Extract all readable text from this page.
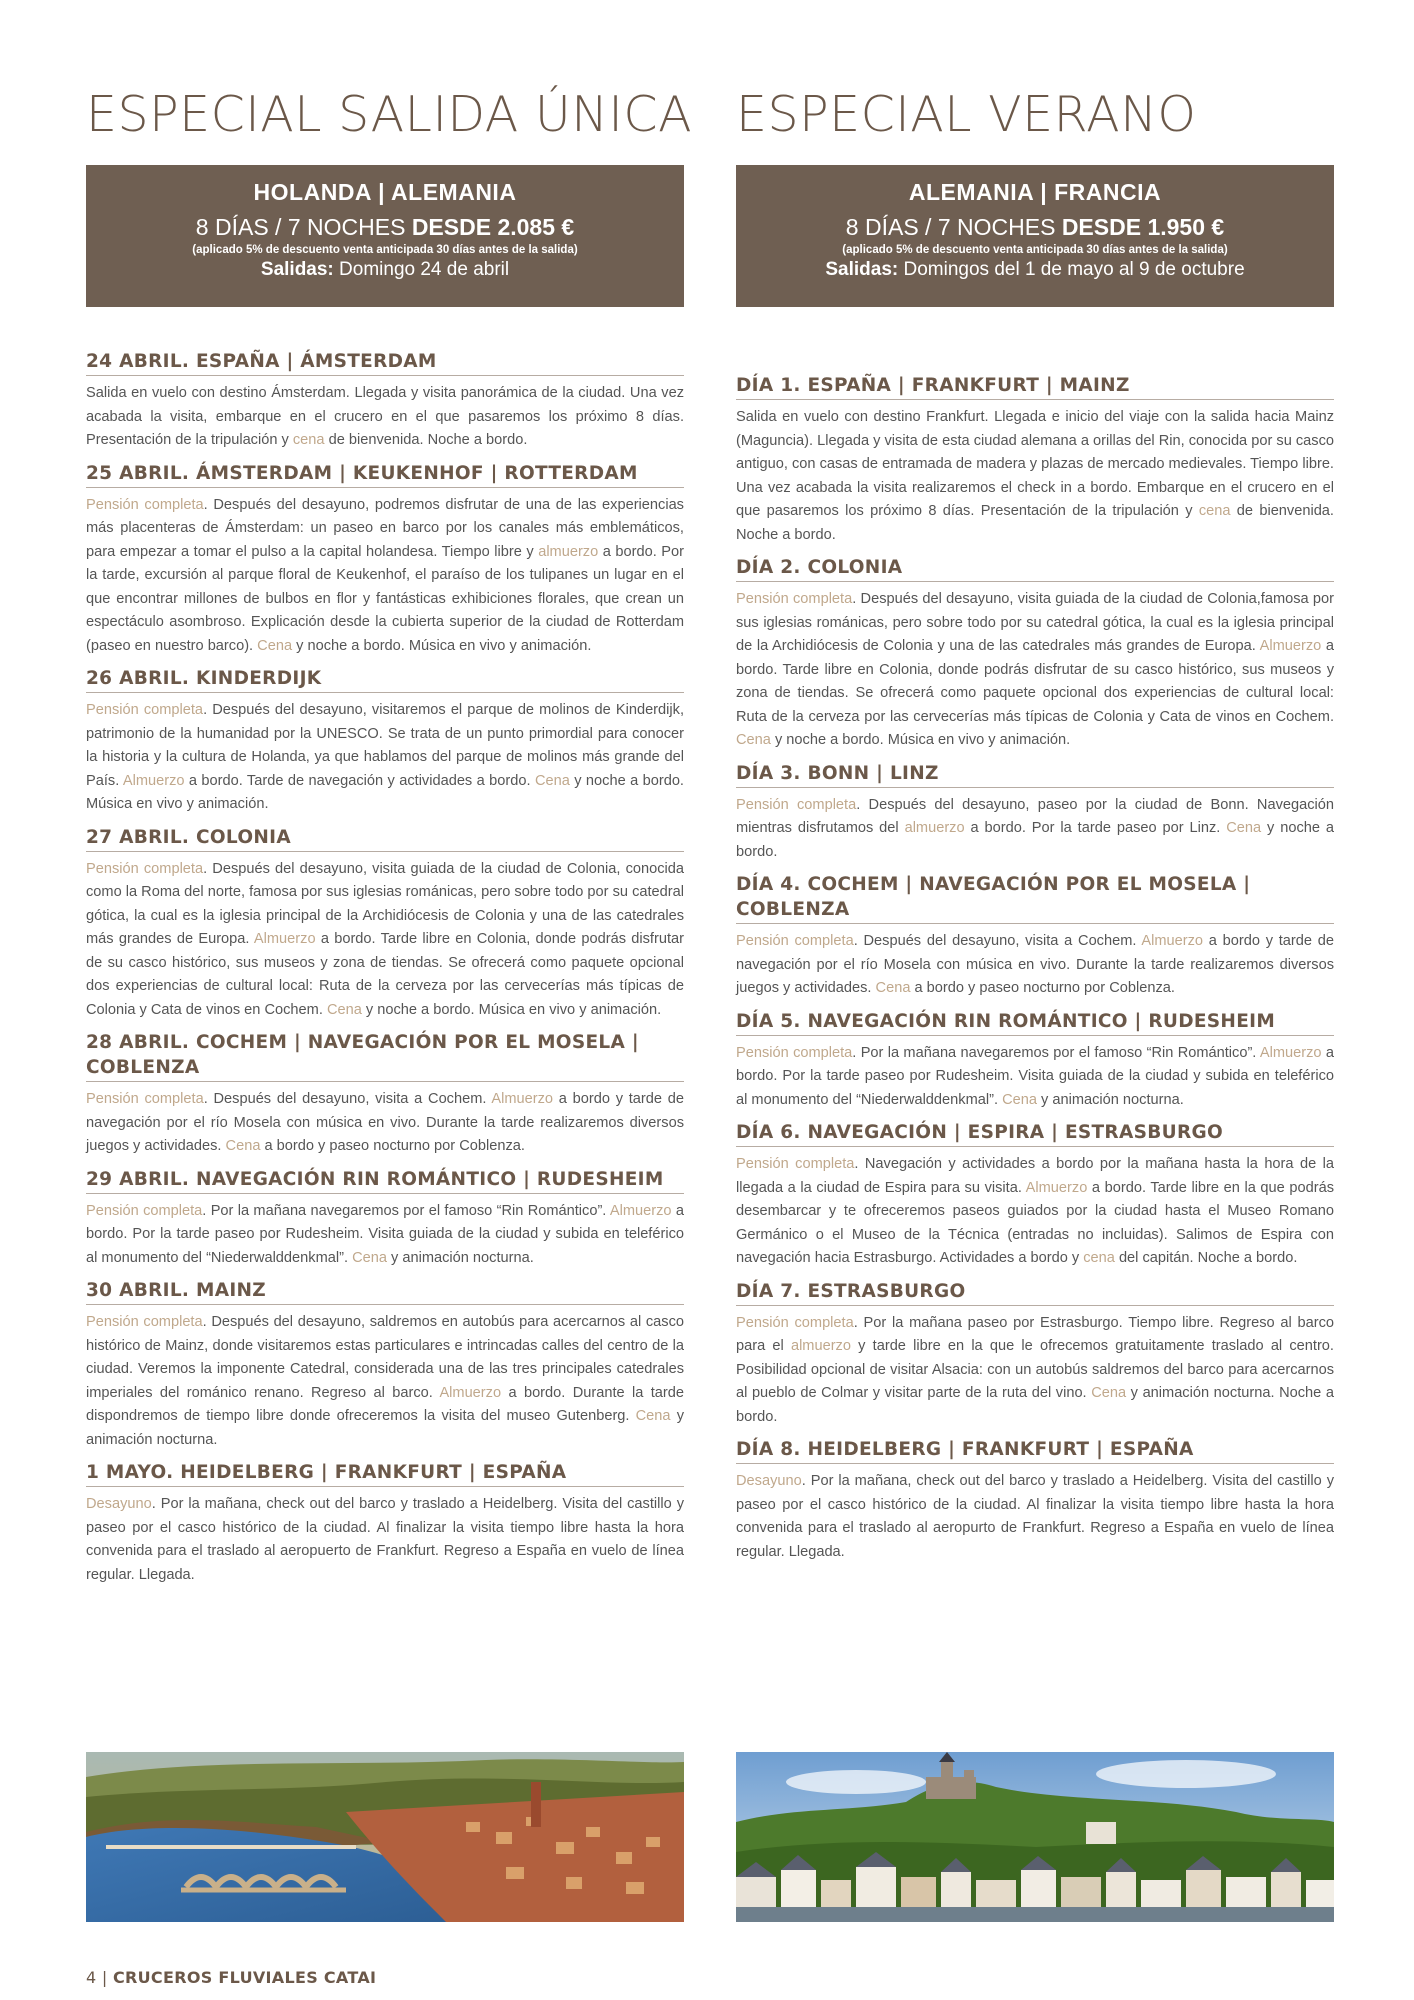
ESPECIAL SALIDA ÚNICA
HOLANDA | ALEMANIA
8 DÍAS / 7 NOCHES DESDE 2.085 €
(aplicado 5% de descuento venta anticipada 30 días antes de la salida)
Salidas: Domingo 24 de abril
24 ABRIL. ESPAÑA | ÁMSTERDAM

Salida en vuelo con destino Ámsterdam. Llegada y visita panorámica de la ciudad. Una vez acabada la visita, embarque en el crucero en el que pasaremos los próximo 8 días. Presentación de la tripulación y cena de bienvenida. Noche a bordo.

25 ABRIL. ÁMSTERDAM | KEUKENHOF | ROTTERDAM

Pensión completa. Después del desayuno, podremos disfrutar de una de las experiencias más placenteras de Ámsterdam: un paseo en barco por los canales más emblemáticos, para empezar a tomar el pulso a la capital holandesa. Tiempo libre y almuerzo a bordo. Por la tarde, excursión al parque floral de Keukenhof, el paraíso de los tulipanes un lugar en el que encontrar millones de bulbos en flor y fantásticas exhibiciones florales, que crean un espectáculo asombroso. Explicación desde la cubierta superior de la ciudad de Rotterdam (paseo en nuestro barco). Cena y noche a bordo. Música en vivo y animación.

26 ABRIL. KINDERDIJK

Pensión completa. Después del desayuno, visitaremos el parque de molinos de Kinderdijk, patrimonio de la humanidad por la UNESCO. Se trata de un punto primordial para conocer la historia y la cultura de Holanda, ya que hablamos del parque de molinos más grande del País. Almuerzo a bordo. Tarde de navegación y actividades a bordo. Cena y noche a bordo. Música en vivo y animación.

27 ABRIL. COLONIA

Pensión completa. Después del desayuno, visita guiada de la ciudad de Colonia, conocida como la Roma del norte, famosa por sus iglesias románicas, pero sobre todo por su catedral gótica, la cual es la iglesia principal de la Archidiócesis de Colonia y una de las catedrales más grandes de Europa. Almuerzo a bordo. Tarde libre en Colonia, donde podrás disfrutar de su casco histórico, sus museos y zona de tiendas. Se ofrecerá como paquete opcional dos experiencias de cultural local: Ruta de la cerveza por las cervecerías más típicas de Colonia y Cata de vinos en Cochem. Cena y noche a bordo. Música en vivo y animación.

28 ABRIL. COCHEM | NAVEGACIÓN POR EL MOSELA | COBLENZA

Pensión completa. Después del desayuno, visita a Cochem. Almuerzo a bordo y tarde de navegación por el río Mosela con música en vivo. Durante la tarde realizaremos diversos juegos y actividades. Cena a bordo y paseo nocturno por Coblenza.

29 ABRIL. NAVEGACIÓN RIN ROMÁNTICO | RUDESHEIM

Pensión completa. Por la mañana navegaremos por el famoso “Rin Romántico”. Almuerzo a bordo. Por la tarde paseo por Rudesheim. Visita guiada de la ciudad y subida en teleférico al monumento del “Niederwalddenkmal”. Cena y animación nocturna.

30 ABRIL. MAINZ

Pensión completa. Después del desayuno, saldremos en autobús para acercarnos al casco histórico de Mainz, donde visitaremos estas particulares e intrincadas calles del centro de la ciudad. Veremos la imponente Catedral, considerada una de las tres principales catedrales imperiales del románico renano. Regreso al barco. Almuerzo a bordo. Durante la tarde dispondremos de tiempo libre donde ofreceremos la visita del museo Gutenberg. Cena y animación nocturna.

1 MAYO. HEIDELBERG | FRANKFURT | ESPAÑA

Desayuno. Por la mañana, check out del barco y traslado a Heidelberg. Visita del castillo y paseo por el casco histórico de la ciudad. Al finalizar la visita tiempo libre hasta la hora convenida para el traslado al aeropuerto de Frankfurt. Regreso a España en vuelo de línea regular. Llegada.

ESPECIAL VERANO
ALEMANIA | FRANCIA
8 DÍAS / 7 NOCHES DESDE 1.950 €
(aplicado 5% de descuento venta anticipada 30 días antes de la salida)
Salidas: Domingos del 1 de mayo al 9 de octubre
DÍA 1. ESPAÑA | FRANKFURT | MAINZ

Salida en vuelo con destino Frankfurt. Llegada e inicio del viaje con la salida hacia Mainz (Maguncia). Llegada y visita de esta ciudad alemana a orillas del Rin, conocida por su casco antiguo, con casas de entramada de madera y plazas de mercado medievales. Tiempo libre. Una vez acabada la visita realizaremos el check in a bordo. Embarque en el crucero en el que pasaremos los próximo 8 días. Presentación de la tripulación y cena de bienvenida. Noche a bordo.

DÍA 2. COLONIA

Pensión completa. Después del desayuno, visita guiada de la ciudad de Colonia,famosa por sus iglesias románicas, pero sobre todo por su catedral gótica, la cual es la iglesia principal de la Archidiócesis de Colonia y una de las catedrales más grandes de Europa. Almuerzo a bordo. Tarde libre en Colonia, donde podrás disfrutar de su casco histórico, sus museos y zona de tiendas. Se ofrecerá como paquete opcional dos experiencias de cultural local: Ruta de la cerveza por las cervecerías más típicas de Colonia y Cata de vinos en Cochem. Cena y noche a bordo. Música en vivo y animación.

DÍA 3. BONN | LINZ

Pensión completa. Después del desayuno, paseo por la ciudad de Bonn. Navegación mientras disfrutamos del almuerzo a bordo. Por la tarde paseo por Linz. Cena y noche a bordo.

DÍA 4. COCHEM | NAVEGACIÓN POR EL MOSELA | COBLENZA

Pensión completa. Después del desayuno, visita a Cochem. Almuerzo a bordo y tarde de navegación por el río Mosela con música en vivo. Durante la tarde realizaremos diversos juegos y actividades. Cena a bordo y paseo nocturno por Coblenza.

DÍA 5. NAVEGACIÓN RIN ROMÁNTICO | RUDESHEIM

Pensión completa. Por la mañana navegaremos por el famoso “Rin Romántico”. Almuerzo a bordo. Por la tarde paseo por Rudesheim. Visita guiada de la ciudad y subida en teleférico al monumento del “Niederwalddenkmal”. Cena y animación nocturna.

DÍA 6. NAVEGACIÓN | ESPIRA | ESTRASBURGO

Pensión completa. Navegación y actividades a bordo por la mañana hasta la hora de la llegada a la ciudad de Espira para su visita. Almuerzo a bordo. Tarde libre en la que podrás desembarcar y te ofreceremos paseos guiados por la ciudad hasta el Museo Romano Germánico o el Museo de la Técnica (entradas no incluidas). Salimos de Espira con navegación hacia Estrasburgo. Actividades a bordo y cena del capitán. Noche a bordo.

DÍA 7. ESTRASBURGO

Pensión completa. Por la mañana paseo por Estrasburgo. Tiempo libre. Regreso al barco para el almuerzo y tarde libre en la que le ofrecemos gratuitamente traslado al centro. Posibilidad opcional de visitar Alsacia: con un autobús saldremos del barco para acercarnos al pueblo de Colmar y visitar parte de la ruta del vino. Cena y animación nocturna. Noche a bordo.

DÍA 8. HEIDELBERG | FRANKFURT | ESPAÑA

Desayuno. Por la mañana, check out del barco y traslado a Heidelberg. Visita del castillo y paseo por el casco histórico de la ciudad. Al finalizar la visita tiempo libre hasta la hora convenida para el traslado al aeropurto de Frankfurt. Regreso a España en vuelo de línea regular. Llegada.

4 | CRUCEROS FLUVIALES CATAI
